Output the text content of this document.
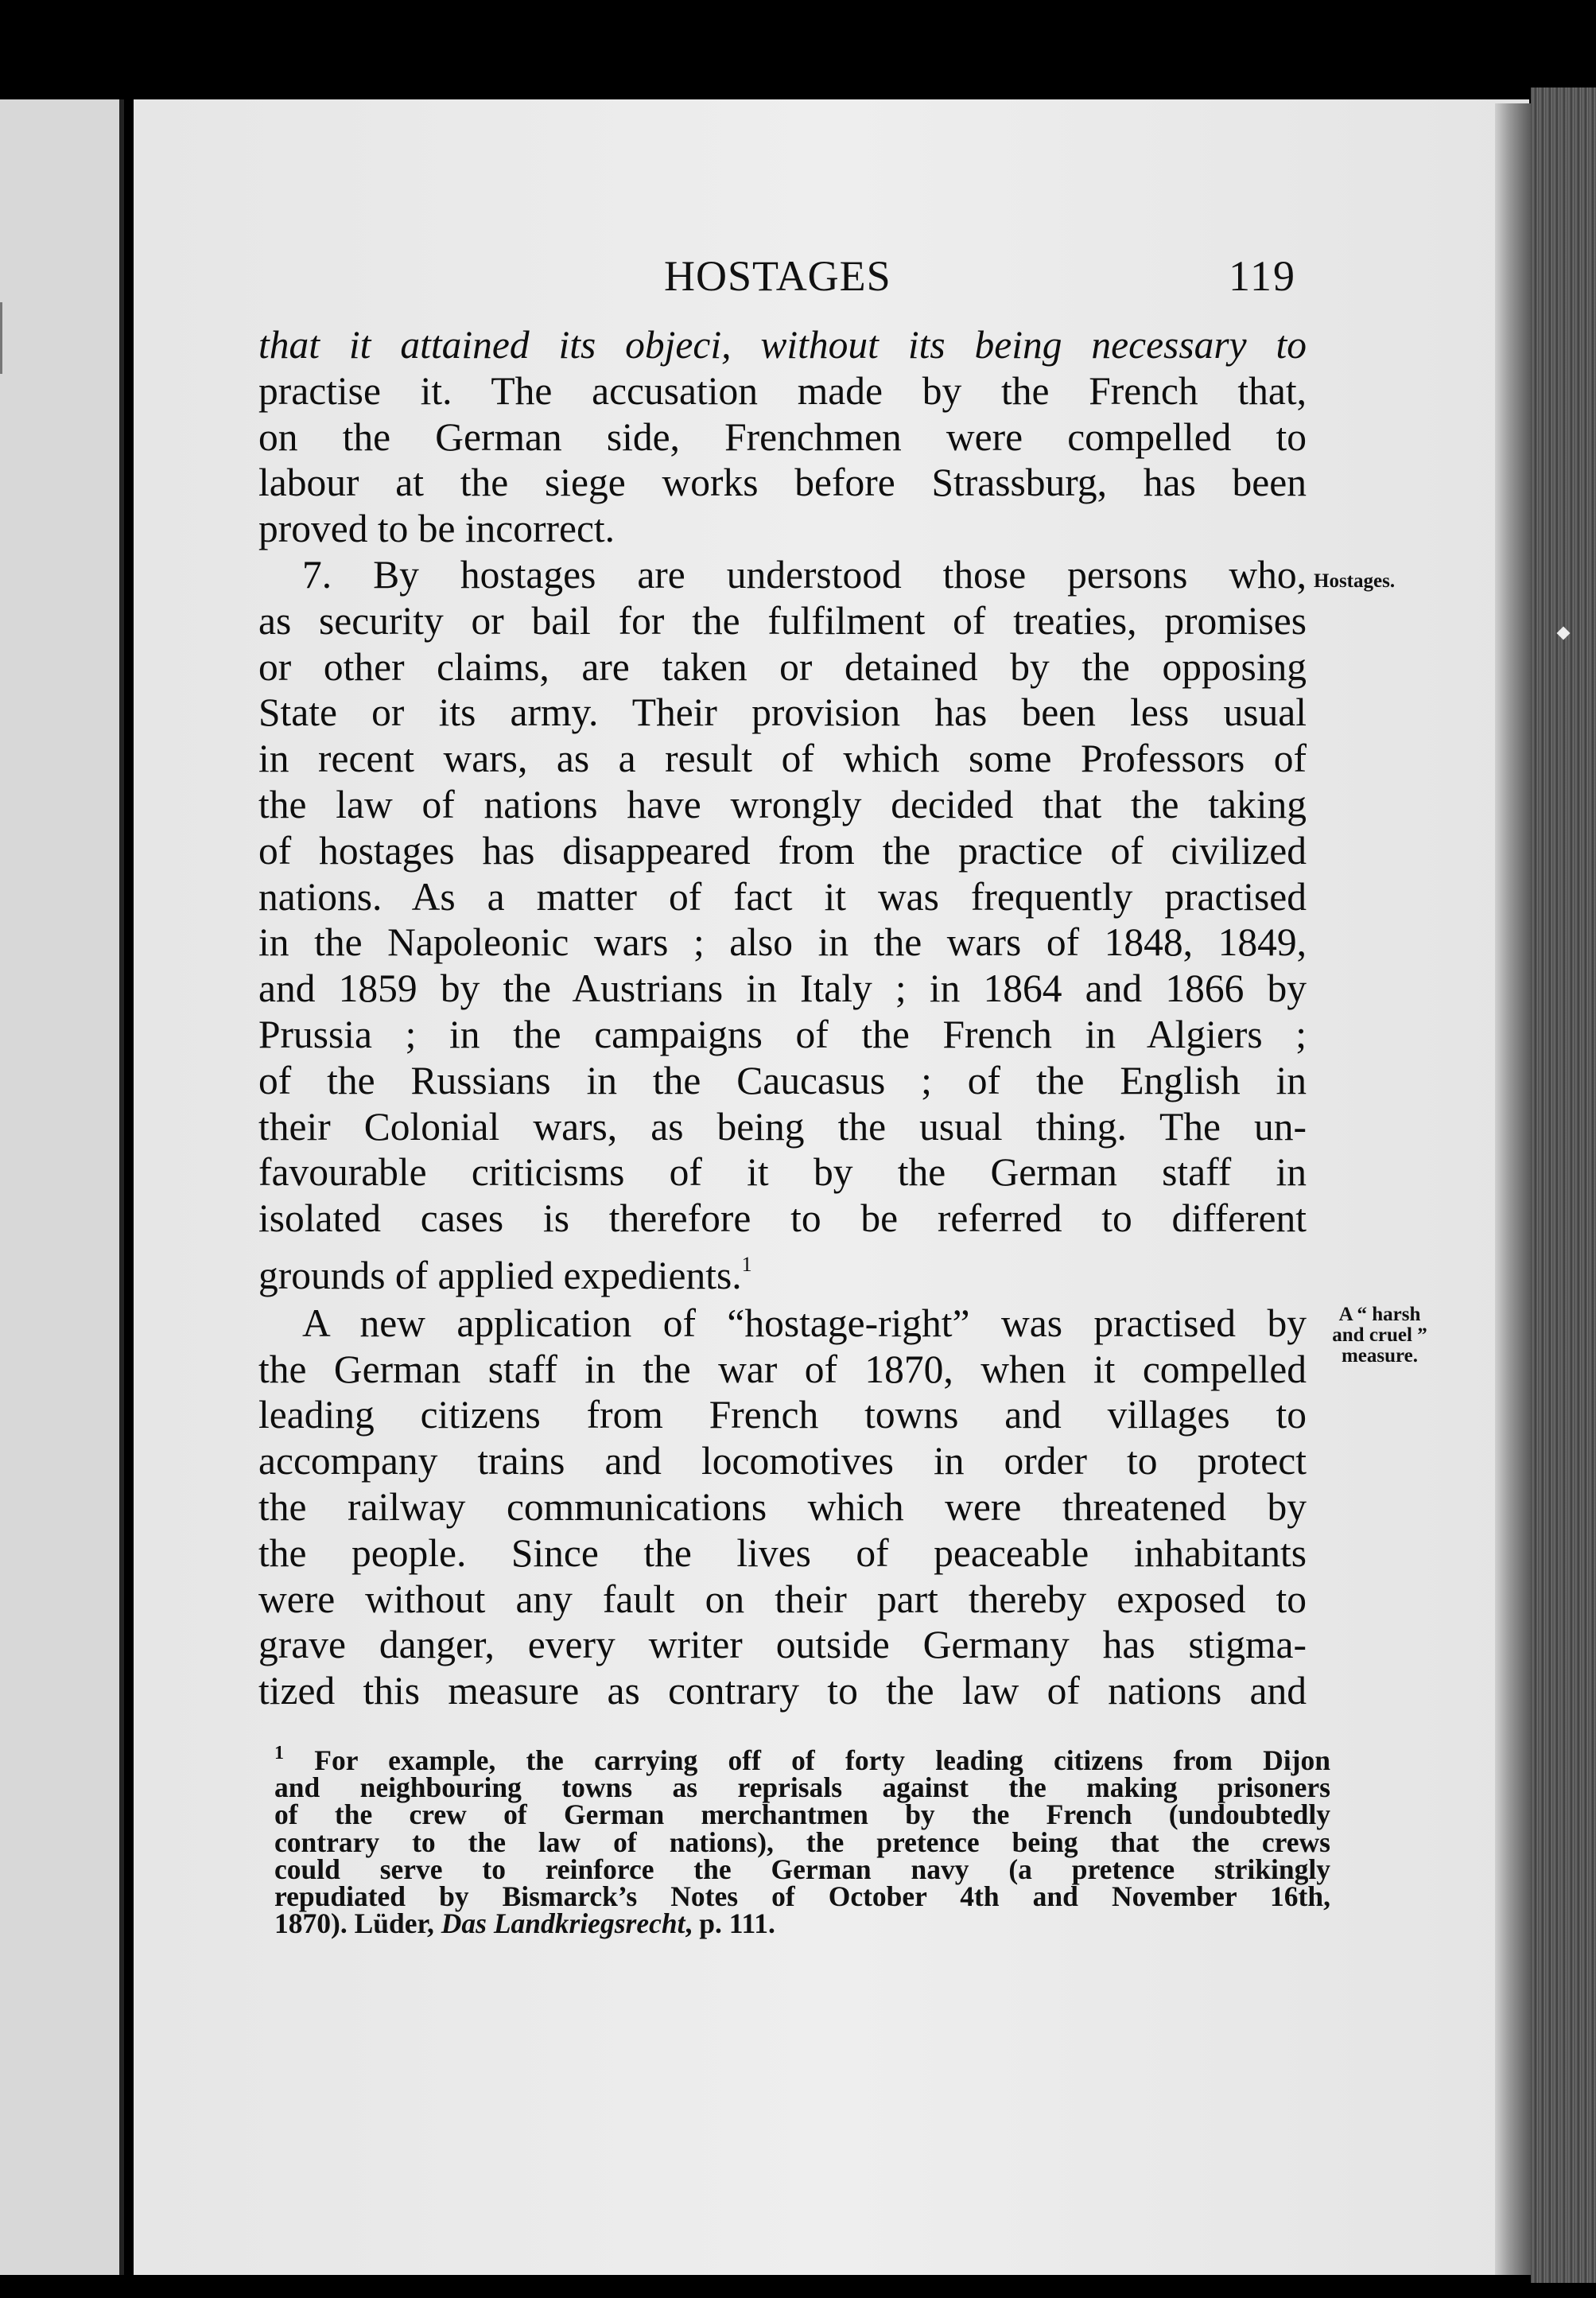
HOSTAGES	119
that it attained its objeci, without its being necessary to
practise it. The accusation made by the French that,
on the German side, Frenchmen were compelled to
labour at the siege works before Strassburg, has been
proved to be incorrect.
7. By hostages are understood those persons who,
as security or bail for the fulfilment of treaties, promises
or other claims, are taken or detained by the opposing
State or its army. Their provision has been less usual
in recent wars, as a result of which some Professors of
the law of nations have wrongly decided that the taking
of hostages has disappeared from the practice of civilized
nations. As a matter of fact it was frequently practised
in the Napoleonic wars ; also in the wars of 1848, 1849,
and 1859 by the Austrians in Italy ; in 1864 and 1866 by
Prussia ; in the campaigns of the French in Algiers ;
of the Russians in the Caucasus ; of the English in
their Colonial wars, as being the usual thing. The un-
favourable criticisms of it by the German staff in
isolated cases is therefore to be referred to different
grounds of applied expedients.$^1$
A new application of “hostage-right” was practised by
the German staff in the war of 1870, when it compelled
leading citizens from French towns and villages to
accompany trains and locomotives in order to protect
the railway communications which were threatened by
the people. Since the lives of peaceable inhabitants
were without any fault on their part thereby exposed to
grave danger, every writer outside Germany has stigma-
tized this measure as contrary to the law of nations and
Hostages.
A “ harsh
and cruel ”
measure.
$^1$ For example, the carrying off of forty leading citizens from Dijon
and neighbouring towns as reprisals against the making prisoners
of the crew of German merchantmen by the French (undoubtedly
contrary to the law of nations), the pretence being that the crews
could serve to reinforce the German navy (a pretence strikingly
repudiated by Bismarck’s Notes of October 4th and November 16th,
1870). Lüder, Das Landkriegsrecht, p. 111.
